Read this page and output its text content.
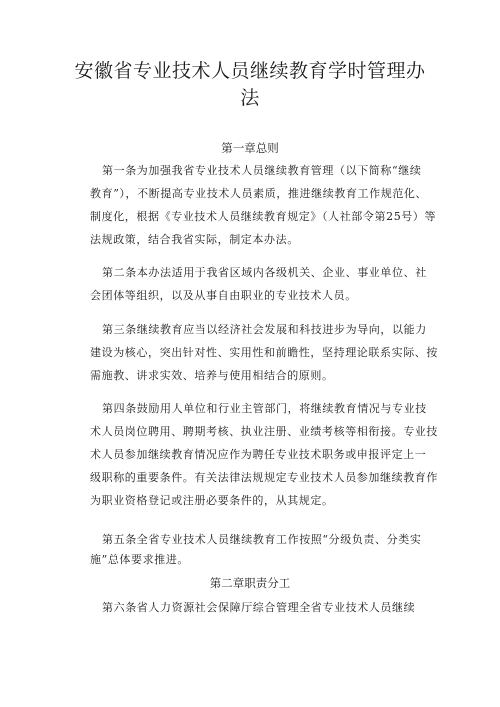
安徽省专业技术人员继续教育学时管理办
法
第一章总则

第一条为加强我省专业技术人员继续教育管理（以下简称“继续
教育”），不断提高专业技术人员素质，推进继续教育工作规范化、
制度化，根据《专业技术人员继续教育规定》（人社部令第25号）等
法规政策，结合我省实际，制定本办法。

第二条本办法适用于我省区域内各级机关、企业、事业单位、社
会团体等组织，以及从事自由职业的专业技术人员。

第三条继续教育应当以经济社会发展和科技进步为导向，以能力
建设为核心，突出针对性、实用性和前瞻性，坚持理论联系实际、按
需施教、讲求实效、培养与使用相结合的原则。

第四条鼓励用人单位和行业主管部门，将继续教育情况与专业技
术人员岗位聘用、聘期考核、执业注册、业绩考核等相衔接。专业技
术人员参加继续教育情况应作为聘任专业技术职务或申报评定上一
级职称的重要条件。有关法律法规规定专业技术人员参加继续教育作
为职业资格登记或注册必要条件的，从其规定。

第五条全省专业技术人员继续教育工作按照“分级负责、分类实
施”总体要求推进。

第二章职责分工

第六条省人力资源社会保障厅综合管理全省专业技术人员继续
